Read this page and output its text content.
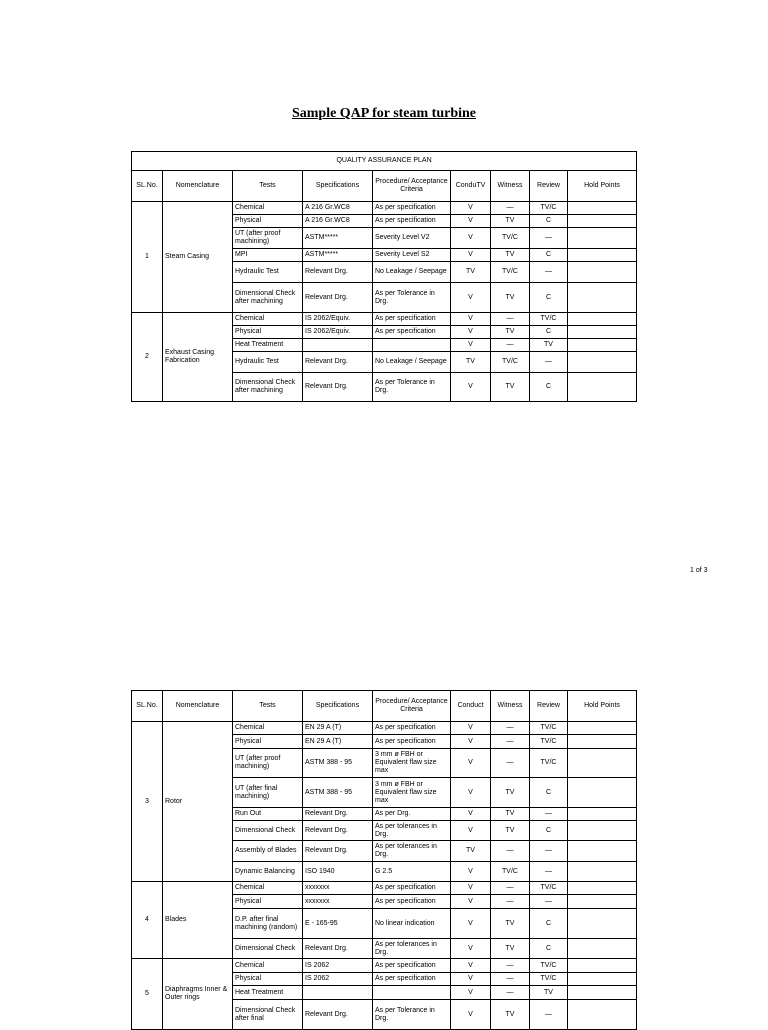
Sample QAP for steam turbine
QUALITY ASSURANCE PLAN								
SL.No.	Nomenclature	Tests	Specifications	Procedure/ Acceptance Criteria	ConduTV	Witness	Review	Hold Points
1	Steam Casing	Chemical	A 216 Gr.WC8	As per specification	V	—	TV/C	
		Physical	A 216 Gr.WC8	As per specification	V	TV	C	
		UT (after proof machining)	ASTM*****	Severity Level V2	V	TV/C	—	
		MPI	ASTM*****	Severity Level S2	V	TV	C	
		Hydraulic Test	Relevant Drg.	No Leakage / Seepage	TV	TV/C	—	
		Dimensional Check after machining	Relevant Drg.	As per Tolerance in Drg.	V	TV	C	
2	Exhaust Casing Fabrication	Chemical	IS 2062/Equiv.	As per specification	V	—	TV/C	
		Physical	IS 2062/Equiv.	As per specification	V	TV	C	
		Heat Treatment			V	—	TV	
		Hydraulic Test	Relevant Drg.	No Leakage / Seepage	TV	TV/C	—	
		Dimensional Check after machining	Relevant Drg.	As per Tolerance in Drg.	V	TV	C	
1 of 3
SL.No.	Nomenclature	Tests	Specifications	Procedure/ Acceptance Criteria	Conduct	Witness	Review	Hold Points
3	Rotor	Chemical	EN 29 A (T)	As per specification	V	—	TV/C	
		Physical	EN 29 A (T)	As per specification	V	—	TV/C	
		UT (after proof machining)	ASTM 388 - 95	3 mm ø FBH or Equivalent flaw size max	V	—	TV/C	
		UT (after final machining)	ASTM 388 - 95	3 mm ø FBH or Equivalent flaw size max	V	TV	C	
		Run Out	Relevant Drg.	As per Drg.	V	TV	—	
		Dimensional Check	Relevant Drg.	As per tolerances in Drg.	V	TV	C	
		Assembly of Blades	Relevant Drg.	As per tolerances in Drg.	TV	—	—	
		Dynamic Balancing	ISO 1940	G 2.5	V	TV/C	—	
4	Blades	Chemical	xxxxxxx	As per specification	V	—	TV/C	
		Physical	xxxxxxx	As per specification	V	—	—	
		D.P. after final machining (random)	E - 165-95	No linear indication	V	TV	C	
		Dimensional Check	Relevant Drg.	As per tolerances in Drg.	V	TV	C	
5	Diaphragms Inner & Outer rings	Chemical	IS 2062	As per specification	V	—	TV/C	
		Physical	IS 2062	As per specification	V	—	TV/C	
		Heat Treatment			V	—	TV	
		Dimensional Check after final	Relevant Drg.	As per Tolerance in Drg.	V	TV	—	
